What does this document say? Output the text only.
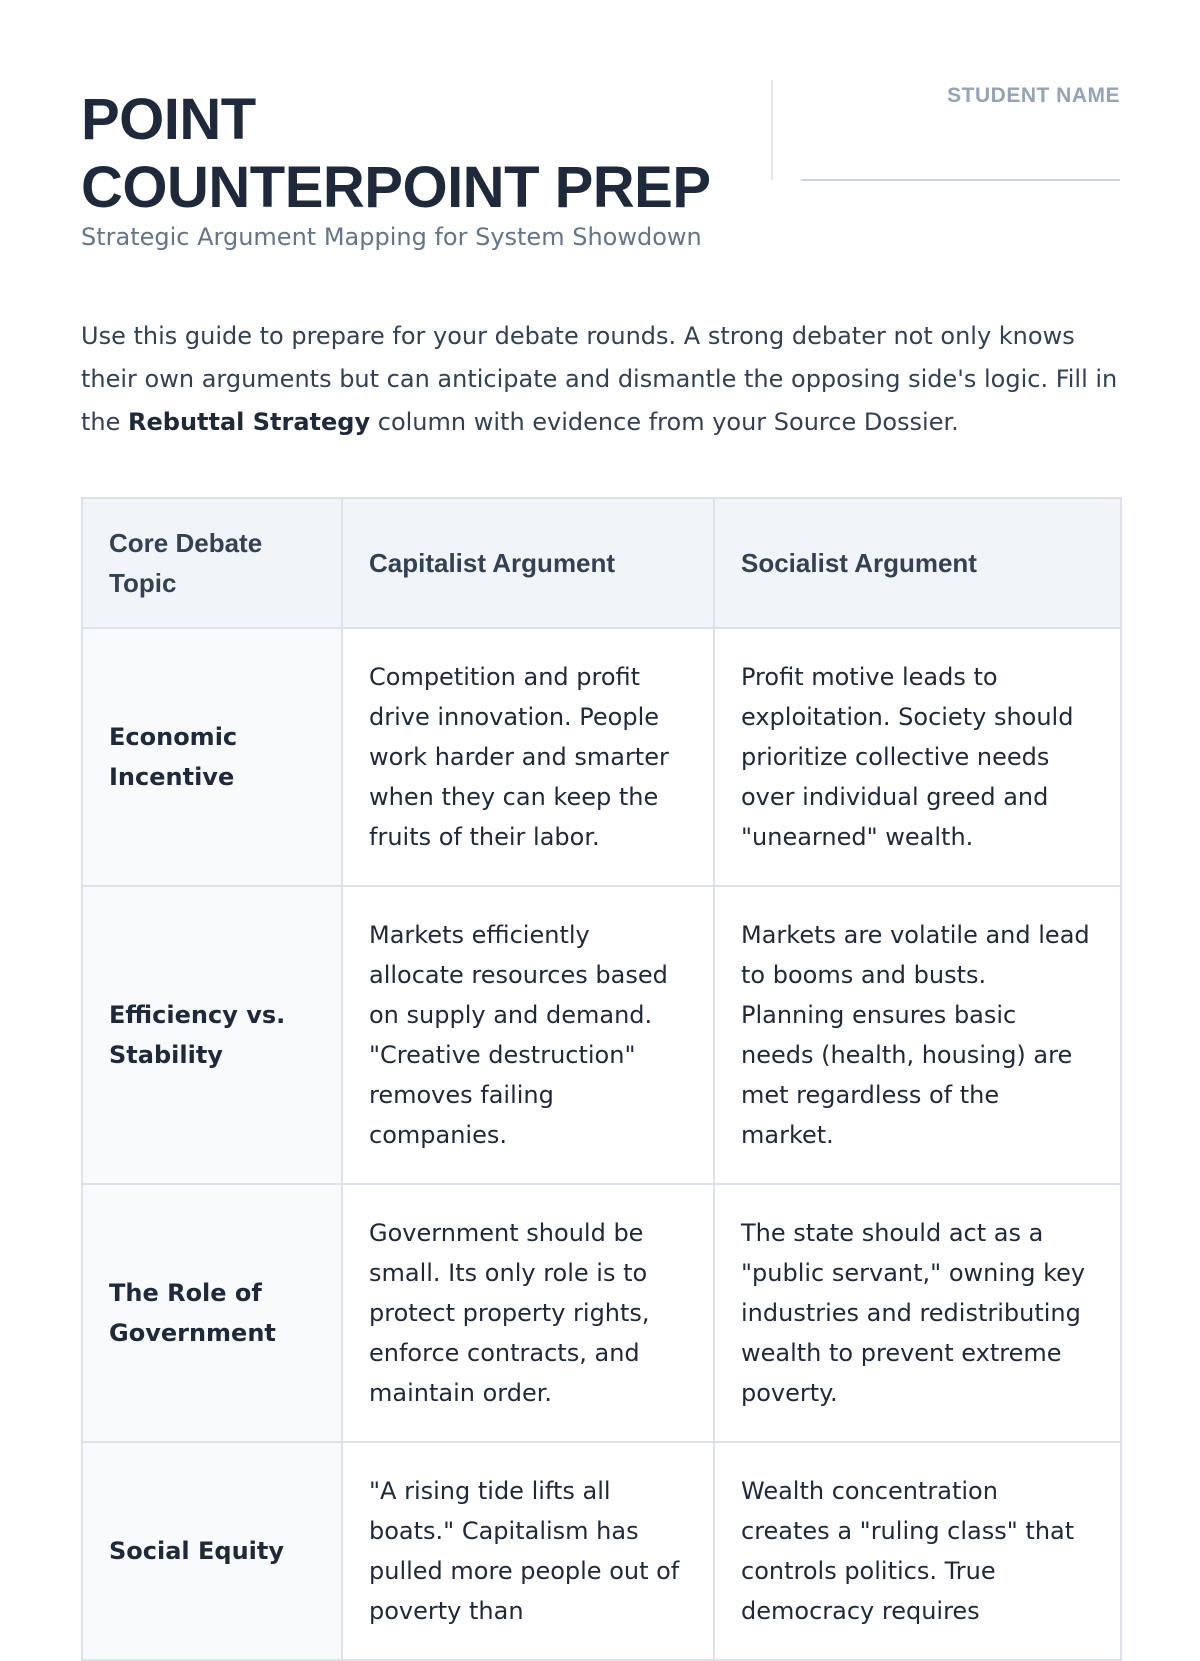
POINT
COUNTERPOINT PREP
Strategic Argument Mapping for System Showdown
STUDENT NAME

Use this guide to prepare for your debate rounds. A strong debater not only knows their own arguments but can anticipate and dismantle the opposing side's logic. Fill in the Rebuttal Strategy column with evidence from your Source Dossier.

Core Debate Topic	Capitalist Argument	Socialist Argument
Economic Incentive	Competition and profit drive innovation. People work harder and smarter when they can keep the fruits of their labor.	Profit motive leads to exploitation. Society should prioritize collective needs over individual greed and "unearned" wealth.
Efficiency vs. Stability	Markets efficiently allocate resources based on supply and demand. "Creative destruction" removes failing companies.	Markets are volatile and lead to booms and busts. Planning ensures basic needs (health, housing) are met regardless of the market.
The Role of Government	Government should be small. Its only role is to protect property rights, enforce contracts, and maintain order.	The state should act as a "public servant," owning key industries and redistributing wealth to prevent extreme poverty.
Social Equity	"A rising tide lifts all boats." Capitalism has pulled more people out of poverty than	Wealth concentration creates a "ruling class" that controls politics. True democracy requires
